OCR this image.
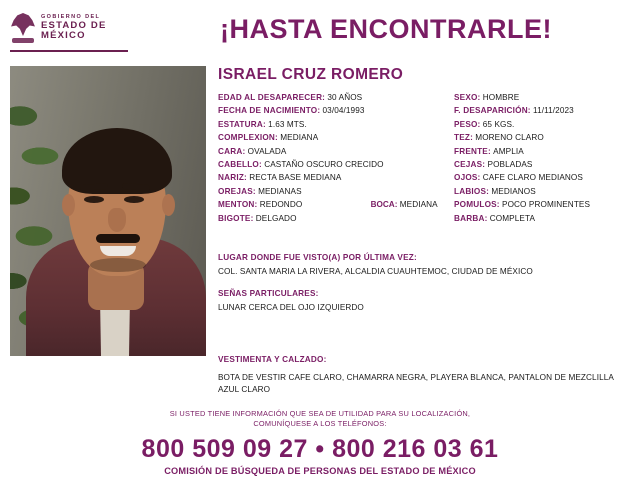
GOBIERNO DEL
ESTADO DE MÉXICO	¡HASTA ENCONTRARLE!
ISRAEL CRUZ ROMERO
EDAD AL DESAPARECER: 30 AÑOS
FECHA DE NACIMIENTO: 03/04/1993
ESTATURA: 1.63 MTS.
COMPLEXION: MEDIANA
CARA: OVALADA
CABELLO: CASTAÑO OSCURO CRECIDO
NARIZ: RECTA BASE MEDIANA
OREJAS: MEDIANAS
MENTON: REDONDO	BOCA: MEDIANA
BIGOTE: DELGADO
SEXO: HOMBRE
F. DESAPARICIÓN: 11/11/2023
PESO: 65 KGS.
TEZ: MORENO CLARO
FRENTE: AMPLIA
CEJAS: POBLADAS
OJOS: CAFE CLARO MEDIANOS
LABIOS: MEDIANOS
POMULOS: POCO PROMINENTES
BARBA: COMPLETA
LUGAR DONDE FUE VISTO(A) POR ÚLTIMA VEZ:
COL. SANTA MARIA LA RIVERA, ALCALDIA CUAUHTEMOC, CIUDAD DE MÉXICO
SEÑAS PARTICULARES:
LUNAR CERCA DEL OJO IZQUIERDO
VESTIMENTA Y CALZADO:
BOTA DE VESTIR CAFE CLARO, CHAMARRA NEGRA, PLAYERA BLANCA, PANTALON DE MEZCLILLA AZUL CLARO
SI USTED TIENE INFORMACIÓN QUE SEA DE UTILIDAD PARA SU LOCALIZACIÓN,
COMUNÍQUESE A LOS TELÉFONOS:
800 509 09 27 • 800 216 03 61
COMISIÓN DE BÚSQUEDA DE PERSONAS DEL ESTADO DE MÉXICO
